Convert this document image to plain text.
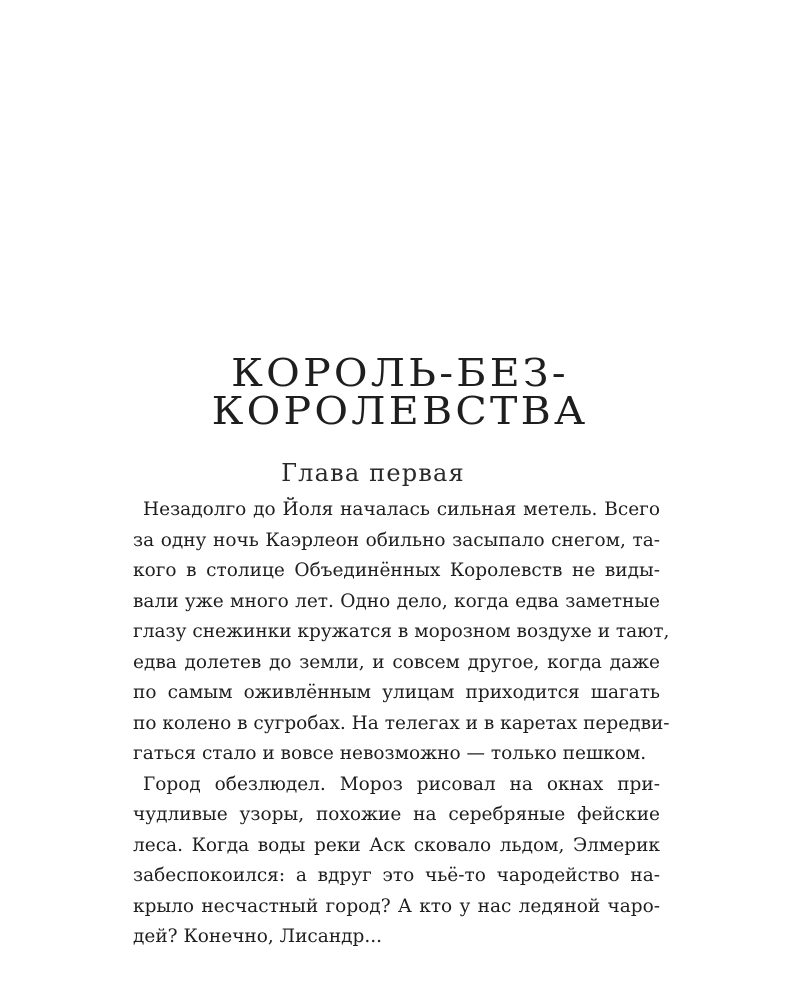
КОРОЛЬ-БЕЗ-
КОРОЛЕВСТВА
Глава первая

Незадолго до Йоля началась сильная метель. Всего
за одну ночь Каэрлеон обильно засыпало снегом, та-
кого в столице Объединённых Королевств не виды-
вали уже много лет. Одно дело, когда едва заметные
глазу снежинки кружатся в морозном воздухе и тают,
едва долетев до земли, и совсем другое, когда даже
по самым оживлённым улицам приходится шагать
по колено в сугробах. На телегах и в каретах передви-
гаться стало и вовсе невозможно — только пешком.

Город обезлюдел. Мороз рисовал на окнах при-
чудливые узоры, похожие на серебряные фейские
леса. Когда воды реки Аск сковало льдом, Элмерик
забеспокоился: а вдруг это чьё-то чародейство на-
крыло несчастный город? А кто у нас ледяной чаро-
дей? Конечно, Лисандр...
